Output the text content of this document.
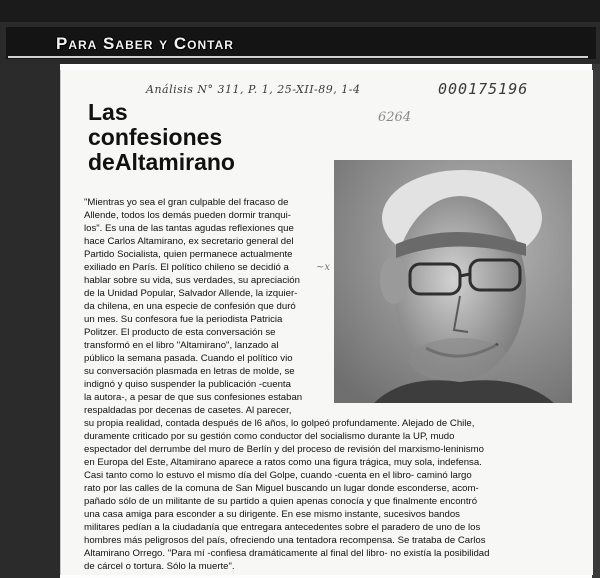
Para Saber y Contar
Análisis N° 311, P. 1, 25-XII-89, 1-4	000175196
6264
Las
confesiones
deAltamirano
~x

"Mientras yo sea el gran culpable del fracaso de
Allende, todos los demás pueden dormir tranqui-
los". Es una de las tantas agudas reflexiones que
hace Carlos Altamirano, ex secretario general del
Partido Socialista, quien permanece actualmente
exiliado en París. El político chileno se decidió a
hablar sobre su vida, sus verdades, su apreciación
de la Unidad Popular, Salvador Allende, la izquier-
da chilena, en una especie de confesión que duró
un mes. Su confesora fue la periodista Patricia
Politzer. El producto de esta conversación se
transformó en el libro "Altamirano", lanzado al
público la semana pasada. Cuando el político vio
su conversación plasmada en letras de molde, se
indignó y quiso suspender la publicación -cuenta
la autora-, a pesar de que sus confesiones estaban
respaldadas por decenas de casetes. Al parecer,

su propia realidad, contada después de l6 años, lo golpeó profundamente. Alejado de Chile,
duramente criticado por su gestión como conductor del socialismo durante la UP, mudo
espectador del derrumbe del muro de Berlín y del proceso de revisión del marxismo-leninismo
en Europa del Este, Altamirano aparece a ratos como una figura trágica, muy sola, indefensa.
Casi tanto como lo estuvo el mismo día del Golpe, cuando -cuenta en el libro- caminó largo
rato por las calles de la comuna de San Miguel buscando un lugar donde esconderse, acom-
pañado sólo de un militante de su partido a quien apenas conocía y que finalmente encontró
una casa amiga para esconder a su dirigente. En ese mismo instante, sucesivos bandos
militares pedían a la ciudadanía que entregara antecedentes sobre el paradero de uno de los
hombres más peligrosos del país, ofreciendo una tentadora recompensa. Se trataba de Carlos
Altamirano Orrego. "Para mí -confiesa dramáticamente al final del libro- no existía la posibilidad
de cárcel o tortura. Sólo la muerte".
